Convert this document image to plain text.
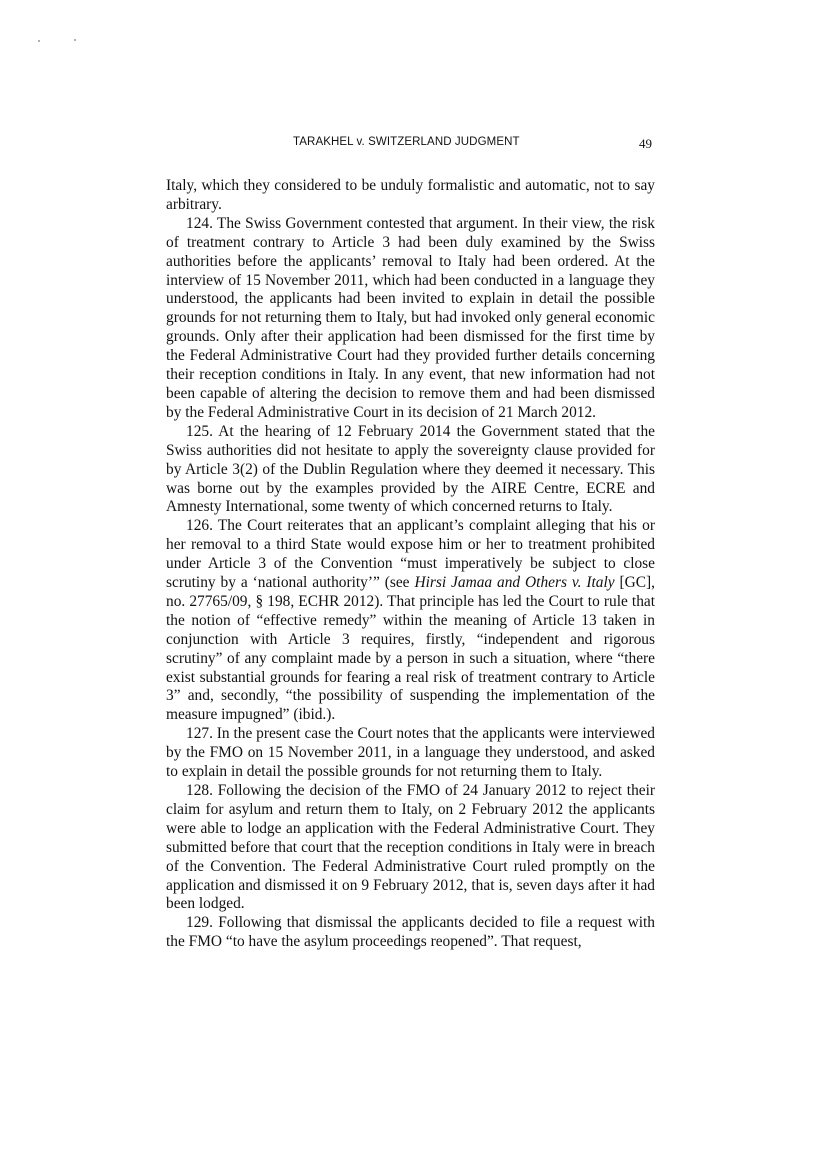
TARAKHEL v. SWITZERLAND JUDGMENT	49

Italy, which they considered to be unduly formalistic and automatic, not to say arbitrary.

124. The Swiss Government contested that argument. In their view, the risk of treatment contrary to Article 3 had been duly examined by the Swiss authorities before the applicants’ removal to Italy had been ordered. At the interview of 15 November 2011, which had been conducted in a language they understood, the applicants had been invited to explain in detail the possible grounds for not returning them to Italy, but had invoked only general economic grounds. Only after their application had been dismissed for the first time by the Federal Administrative Court had they provided further details concerning their reception conditions in Italy. In any event, that new information had not been capable of altering the decision to remove them and had been dismissed by the Federal Administrative Court in its decision of 21 March 2012.

125. At the hearing of 12 February 2014 the Government stated that the Swiss authorities did not hesitate to apply the sovereignty clause provided for by Article 3(2) of the Dublin Regulation where they deemed it necessary. This was borne out by the examples provided by the AIRE Centre, ECRE and Amnesty International, some twenty of which concerned returns to Italy.

126. The Court reiterates that an applicant’s complaint alleging that his or her removal to a third State would expose him or her to treatment prohibited under Article 3 of the Convention “must imperatively be subject to close scrutiny by a ‘national authority’” (see Hirsi Jamaa and Others v. Italy [GC], no. 27765/09, § 198, ECHR 2012). That principle has led the Court to rule that the notion of “effective remedy” within the meaning of Article 13 taken in conjunction with Article 3 requires, firstly, “independent and rigorous scrutiny” of any complaint made by a person in such a situation, where “there exist substantial grounds for fearing a real risk of treatment contrary to Article 3” and, secondly, “the possibility of suspending the implementation of the measure impugned” (ibid.).

127. In the present case the Court notes that the applicants were interviewed by the FMO on 15 November 2011, in a language they understood, and asked to explain in detail the possible grounds for not returning them to Italy.

128. Following the decision of the FMO of 24 January 2012 to reject their claim for asylum and return them to Italy, on 2 February 2012 the applicants were able to lodge an application with the Federal Administrative Court. They submitted before that court that the reception conditions in Italy were in breach of the Convention. The Federal Administrative Court ruled promptly on the application and dismissed it on 9 February 2012, that is, seven days after it had been lodged.

129. Following that dismissal the applicants decided to file a request with the FMO “to have the asylum proceedings reopened”. That request,
